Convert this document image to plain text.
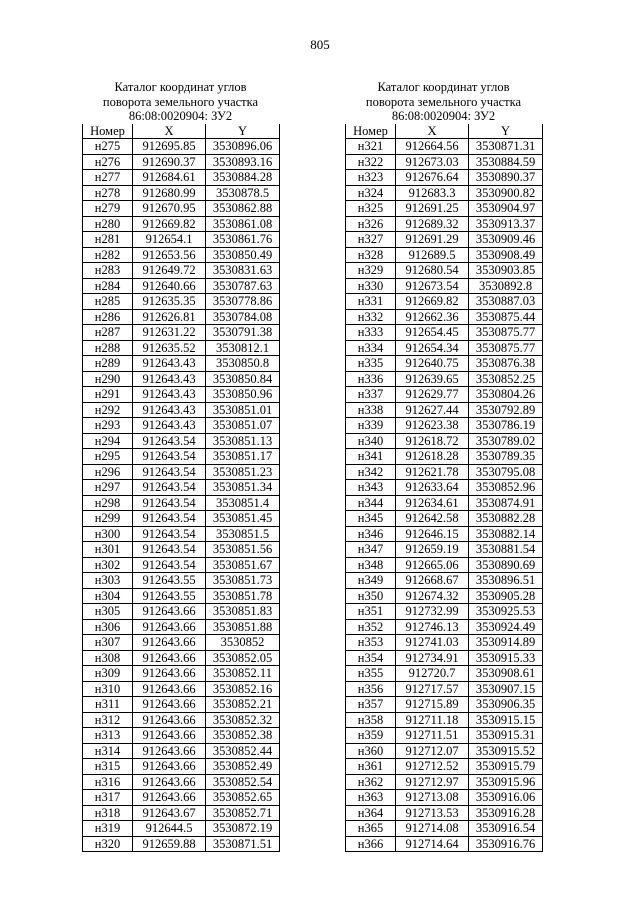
805
Каталог координат углов
поворота земельного участка
86:08:0020904: ЗУ2
Номер	X	Y
н275	912695.85	3530896.06
н276	912690.37	3530893.16
н277	912684.61	3530884.28
н278	912680.99	3530878.5
н279	912670.95	3530862.88
н280	912669.82	3530861.08
н281	912654.1	3530861.76
н282	912653.56	3530850.49
н283	912649.72	3530831.63
н284	912640.66	3530787.63
н285	912635.35	3530778.86
н286	912626.81	3530784.08
н287	912631.22	3530791.38
н288	912635.52	3530812.1
н289	912643.43	3530850.8
н290	912643.43	3530850.84
н291	912643.43	3530850.96
н292	912643.43	3530851.01
н293	912643.43	3530851.07
н294	912643.54	3530851.13
н295	912643.54	3530851.17
н296	912643.54	3530851.23
н297	912643.54	3530851.34
н298	912643.54	3530851.4
н299	912643.54	3530851.45
н300	912643.54	3530851.5
н301	912643.54	3530851.56
н302	912643.54	3530851.67
н303	912643.55	3530851.73
н304	912643.55	3530851.78
н305	912643.66	3530851.83
н306	912643.66	3530851.88
н307	912643.66	3530852
н308	912643.66	3530852.05
н309	912643.66	3530852.11
н310	912643.66	3530852.16
н311	912643.66	3530852.21
н312	912643.66	3530852.32
н313	912643.66	3530852.38
н314	912643.66	3530852.44
н315	912643.66	3530852.49
н316	912643.66	3530852.54
н317	912643.66	3530852.65
н318	912643.67	3530852.71
н319	912644.5	3530872.19
н320	912659.88	3530871.51
Каталог координат углов
поворота земельного участка
86:08:0020904: ЗУ2
Номер	X	Y
н321	912664.56	3530871.31
н322	912673.03	3530884.59
н323	912676.64	3530890.37
н324	912683.3	3530900.82
н325	912691.25	3530904.97
н326	912689.32	3530913.37
н327	912691.29	3530909.46
н328	912689.5	3530908.49
н329	912680.54	3530903.85
н330	912673.54	3530892.8
н331	912669.82	3530887.03
н332	912662.36	3530875.44
н333	912654.45	3530875.77
н334	912654.34	3530875.77
н335	912640.75	3530876.38
н336	912639.65	3530852.25
н337	912629.77	3530804.26
н338	912627.44	3530792.89
н339	912623.38	3530786.19
н340	912618.72	3530789.02
н341	912618.28	3530789.35
н342	912621.78	3530795.08
н343	912633.64	3530852.96
н344	912634.61	3530874.91
н345	912642.58	3530882.28
н346	912646.15	3530882.14
н347	912659.19	3530881.54
н348	912665.06	3530890.69
н349	912668.67	3530896.51
н350	912674.32	3530905.28
н351	912732.99	3530925.53
н352	912746.13	3530924.49
н353	912741.03	3530914.89
н354	912734.91	3530915.33
н355	912720.7	3530908.61
н356	912717.57	3530907.15
н357	912715.89	3530906.35
н358	912711.18	3530915.15
н359	912711.51	3530915.31
н360	912712.07	3530915.52
н361	912712.52	3530915.79
н362	912712.97	3530915.96
н363	912713.08	3530916.06
н364	912713.53	3530916.28
н365	912714.08	3530916.54
н366	912714.64	3530916.76
